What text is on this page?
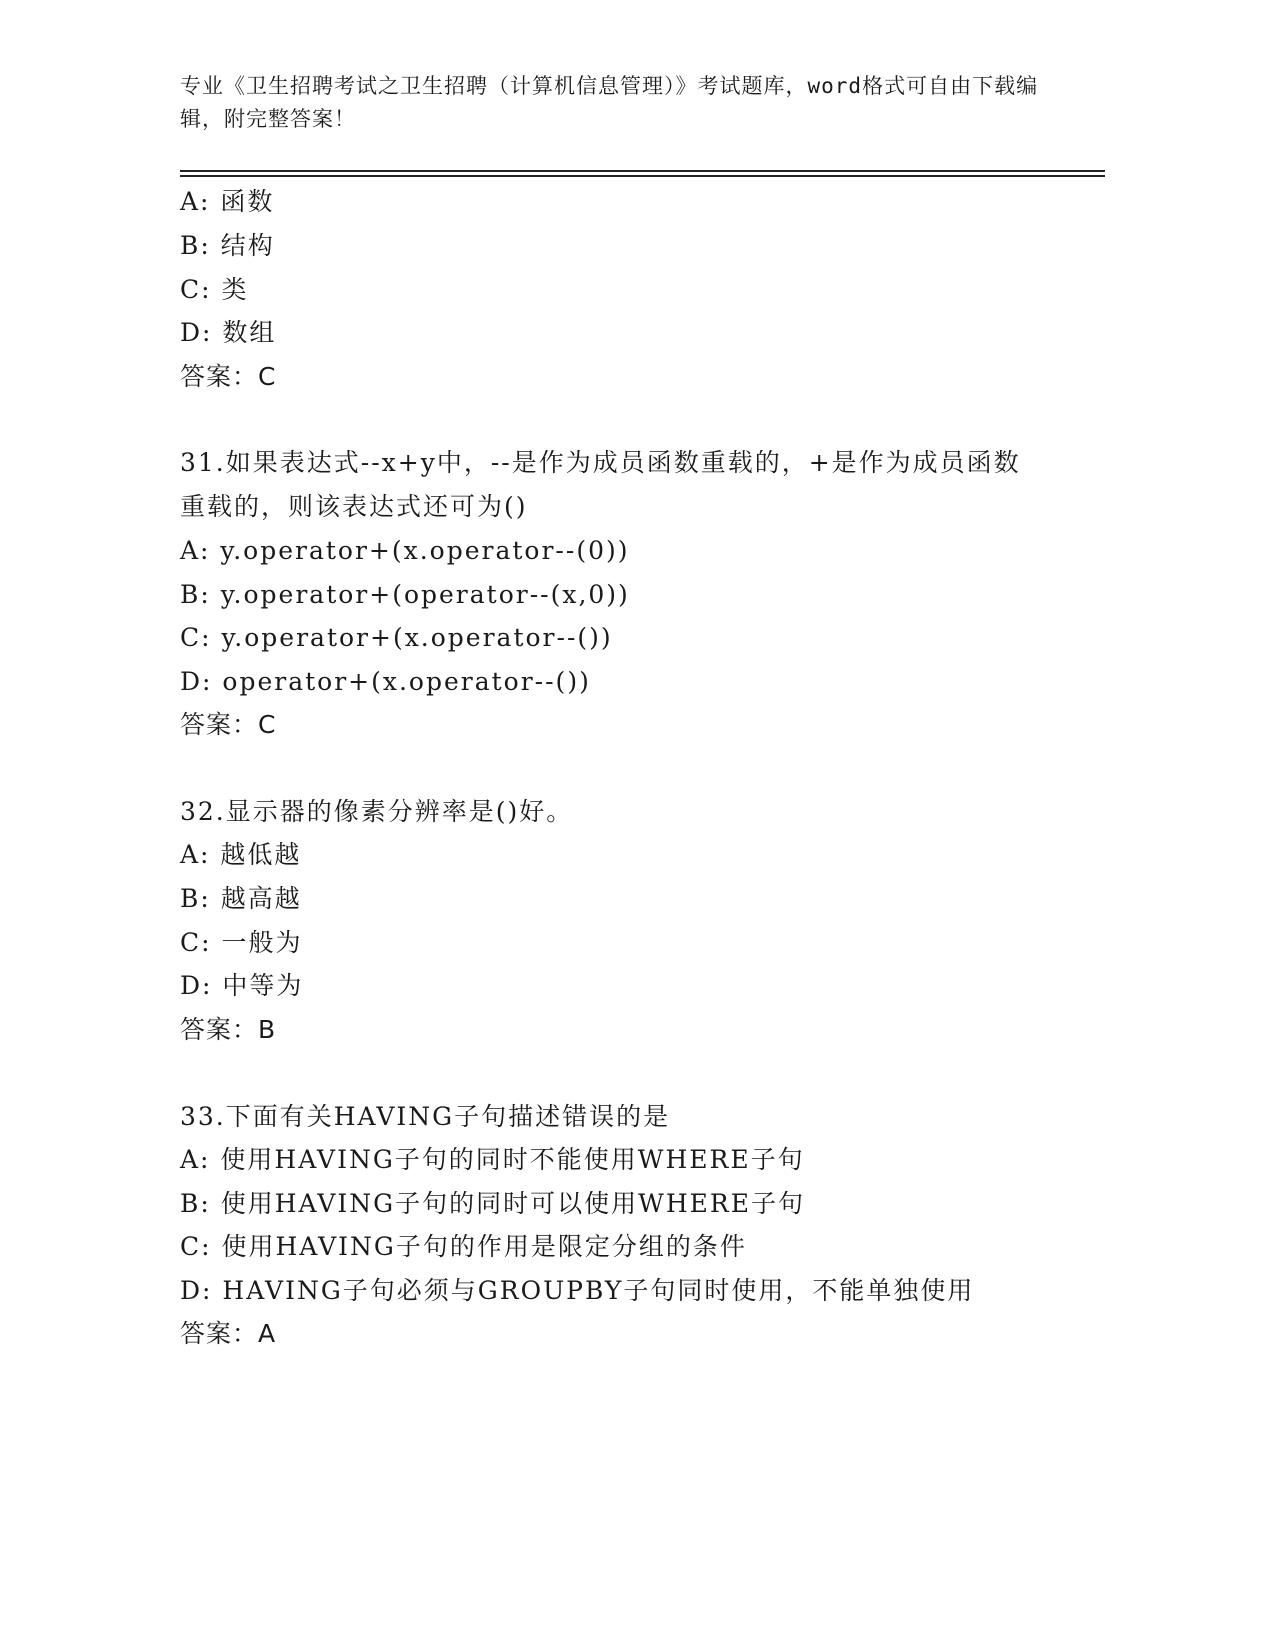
专业《卫生招聘考试之卫生招聘（计算机信息管理）》考试题库，word格式可自由下载编辑，附完整答案！

A: 函数
B: 结构
C: 类
D: 数组
答案：C
31.如果表达式--x+y中，--是作为成员函数重载的，+是作为成员函数
重载的，则该表达式还可为()
A: y.operator+(x.operator--(0))
B: y.operator+(operator--(x,0))
C: y.operator+(x.operator--())
D: operator+(x.operator--())
答案：C
32.显示器的像素分辨率是()好。
A: 越低越
B: 越高越
C: 一般为
D: 中等为
答案：B
33.下面有关HAVING子句描述错误的是
A: 使用HAVING子句的同时不能使用WHERE子句
B: 使用HAVING子句的同时可以使用WHERE子句
C: 使用HAVING子句的作用是限定分组的条件
D: HAVING子句必须与GROUPBY子句同时使用，不能单独使用
答案：A
